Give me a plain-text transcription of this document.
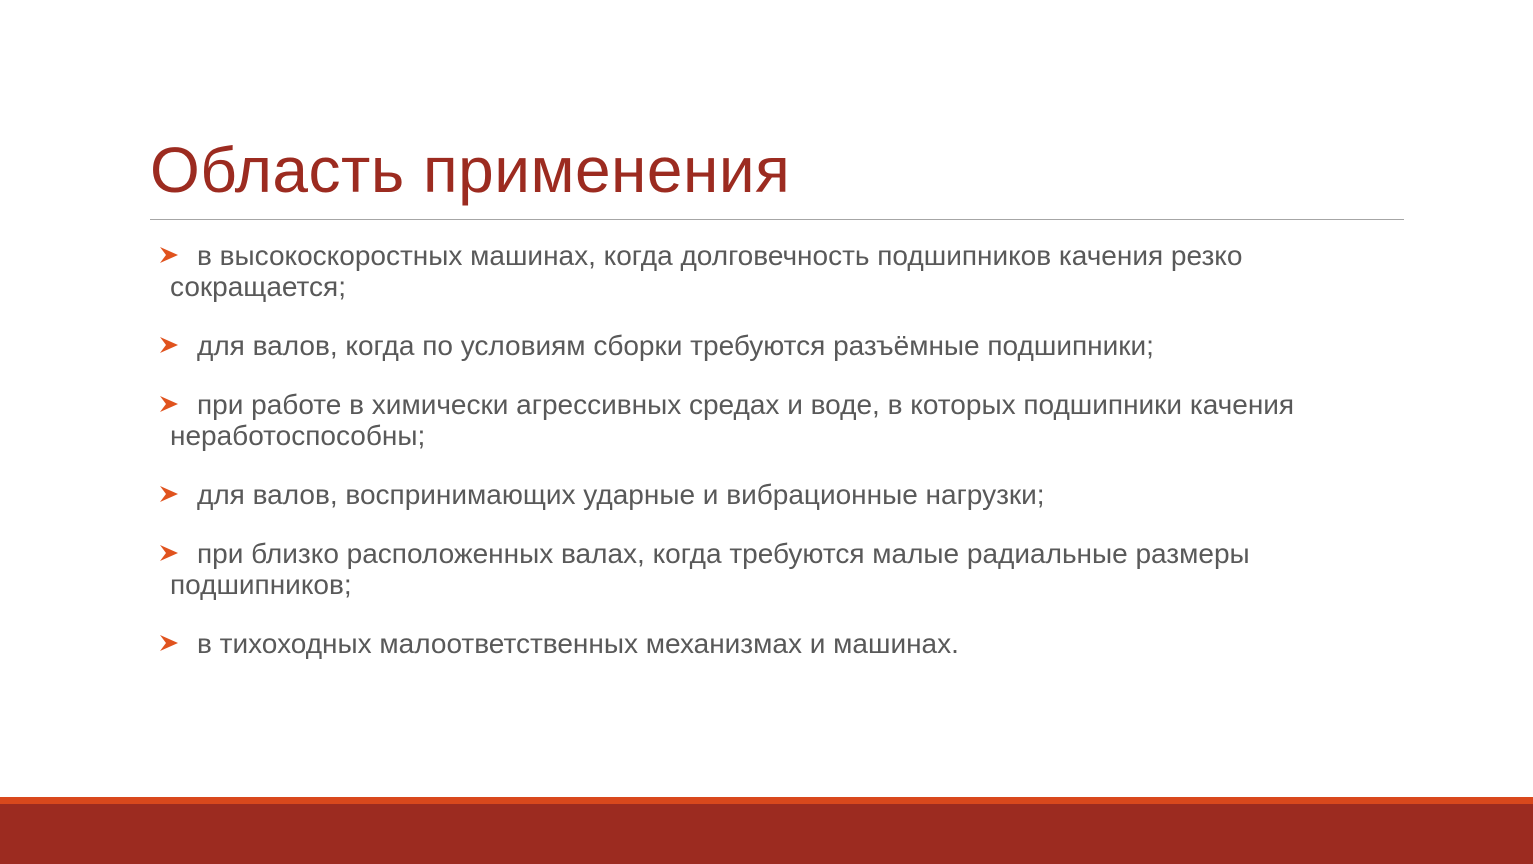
Область применения
в высокоскоростных машинах, когда долговечность подшипников качения резко сокращается;
для валов, когда по условиям сборки требуются разъёмные подшипники;
при работе в химически агрессивных средах и воде, в которых подшипники качения неработоспособны;
для валов, воспринимающих ударные и вибрационные нагрузки;
при близко расположенных валах, когда требуются малые радиальные размеры подшипников;
в тихоходных малоответственных механизмах и машинах.
